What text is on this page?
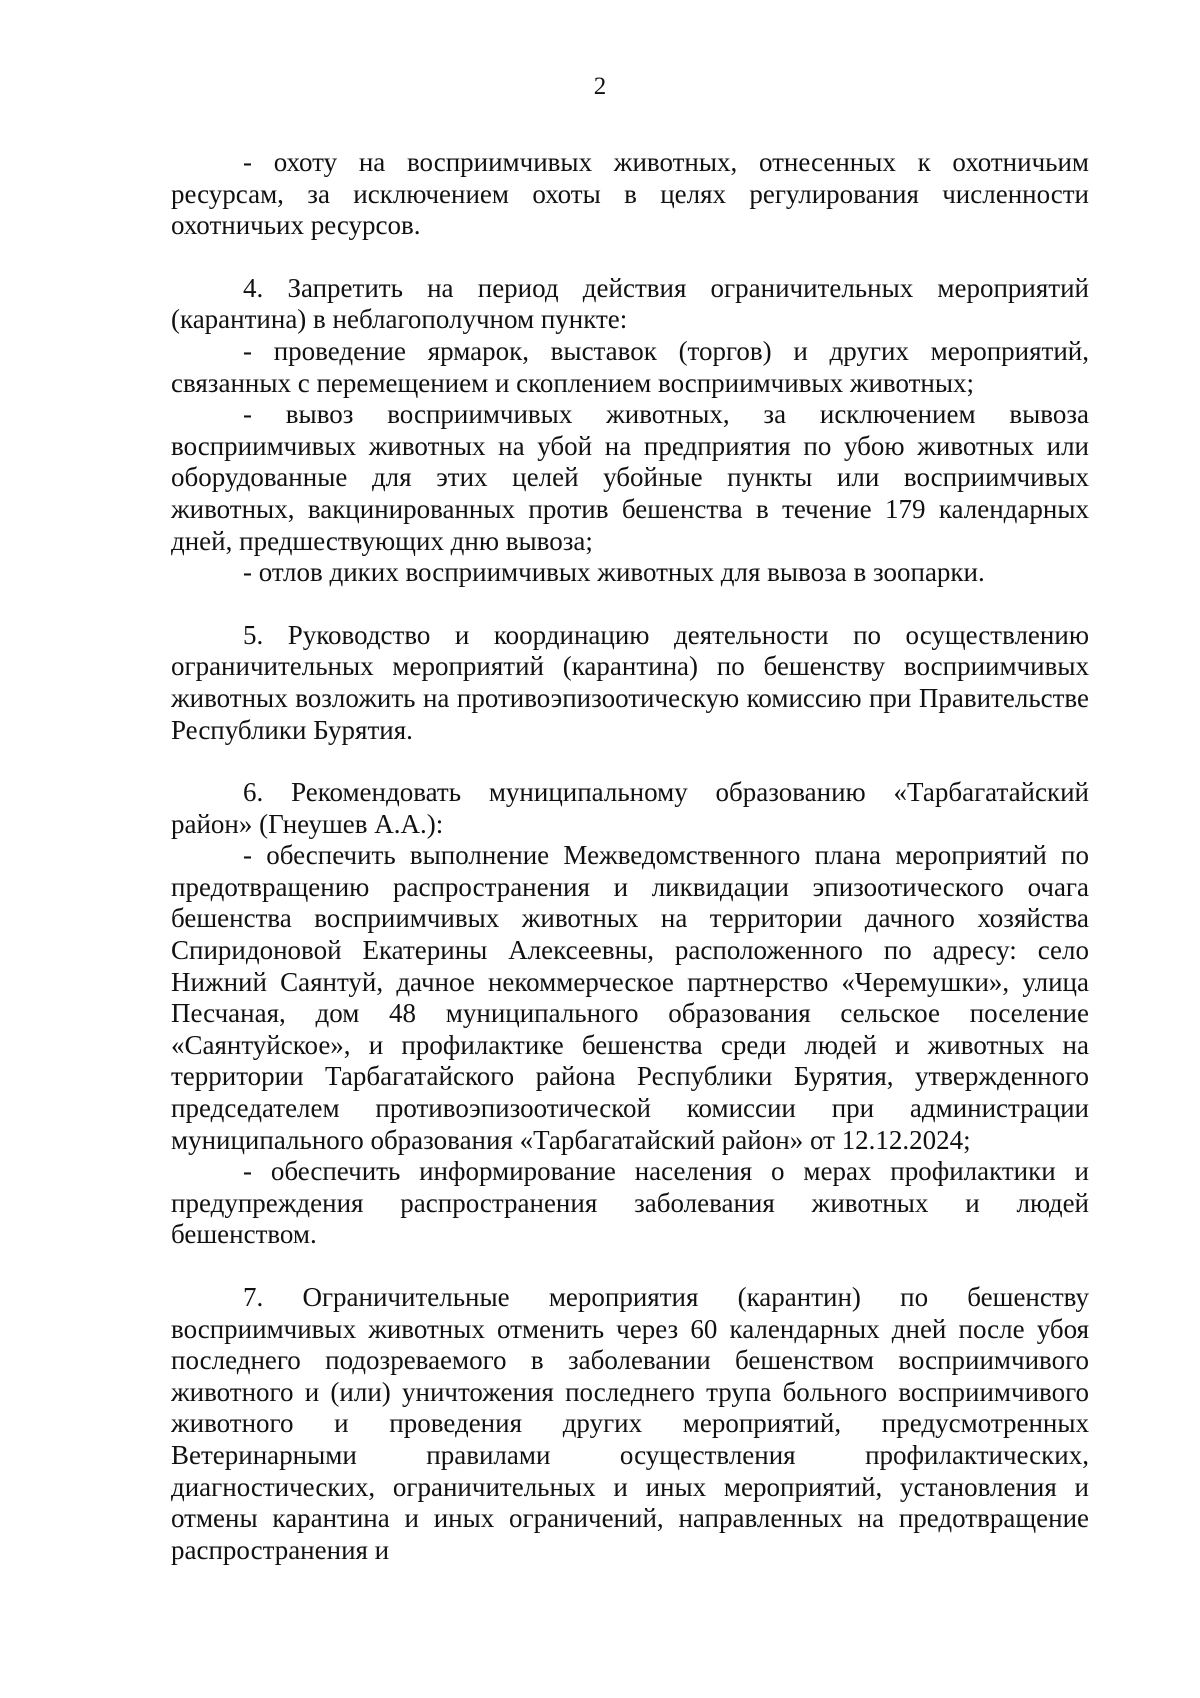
2

- охоту на восприимчивых животных, отнесенных к охотничьим ресурсам, за исключением охоты в целях регулирования численности охотничьих ресурсов.

4. Запретить на период действия ограничительных мероприятий (карантина) в неблагополучном пункте:

- проведение ярмарок, выставок (торгов) и других мероприятий, связанных с перемещением и скоплением восприимчивых животных;

- вывоз восприимчивых животных, за исключением вывоза восприимчивых животных на убой на предприятия по убою животных или оборудованные для этих целей убойные пункты или восприимчивых животных, вакцинированных против бешенства в течение 179 календарных дней, предшествующих дню вывоза;

- отлов диких восприимчивых животных для вывоза в зоопарки.

5. Руководство и координацию деятельности по осуществлению ограничительных мероприятий (карантина) по бешенству восприимчивых животных возложить на противоэпизоотическую комиссию при Правительстве Республики Бурятия.

6. Рекомендовать муниципальному образованию «Тарбагатайский район» (Гнеушев А.А.):

- обеспечить выполнение Межведомственного плана мероприятий по предотвращению распространения и ликвидации эпизоотического очага бешенства восприимчивых животных на территории дачного хозяйства Спиридоновой Екатерины Алексеевны, расположенного по адресу: село Нижний Саянтуй, дачное некоммерческое партнерство «Черемушки», улица Песчаная, дом 48 муниципального образования сельское поселение «Саянтуйское», и профилактике бешенства среди людей и животных на территории Тарбагатайского района Республики Бурятия, утвержденного председателем противоэпизоотической комиссии при администрации муниципального образования «Тарбагатайский район» от 12.12.2024;

- обеспечить информирование населения о мерах профилактики и предупреждения распространения заболевания животных и людей бешенством.

7. Ограничительные мероприятия (карантин) по бешенству восприимчивых животных отменить через 60 календарных дней после убоя последнего подозреваемого в заболевании бешенством восприимчивого животного и (или) уничтожения последнего трупа больного восприимчивого животного и проведения других мероприятий, предусмотренных Ветеринарными правилами осуществления профилактических, диагностических, ограничительных и иных мероприятий, установления и отмены карантина и иных ограничений, направленных на предотвращение распространения и
